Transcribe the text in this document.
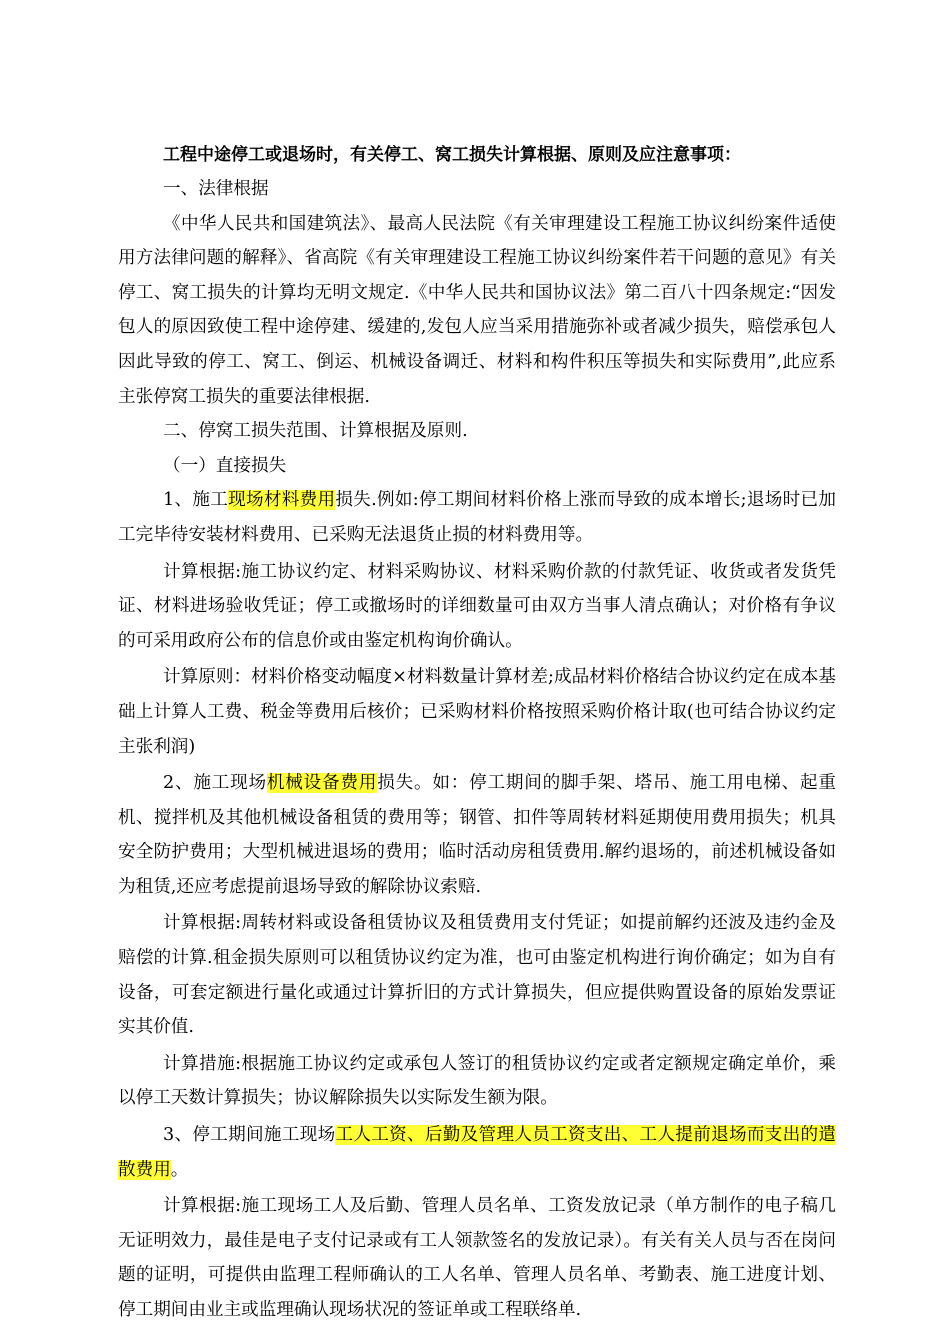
工程中途停工或退场时，有关停工、窝工损失计算根据、原则及应注意事项：

一、法律根据

《中华人民共和国建筑法》、最高人民法院《有关审理建设工程施工协议纠纷案件适使用方法律问题的解释》、省高院《有关审理建设工程施工协议纠纷案件若干问题的意见》有关停工、窝工损失的计算均无明文规定.《中华人民共和国协议法》第二百八十四条规定:“因发包人的原因致使工程中途停建、缓建的,发包人应当采用措施弥补或者减少损失，赔偿承包人因此导致的停工、窝工、倒运、机械设备调迁、材料和构件积压等损失和实际费用”,此应系主张停窝工损失的重要法律根据.

二、停窝工损失范围、计算根据及原则.

（一）直接损失

1、施工现场材料费用损失.例如:停工期间材料价格上涨而导致的成本增长;退场时已加工完毕待安装材料费用、已采购无法退货止损的材料费用等。

计算根据:施工协议约定、材料采购协议、材料采购价款的付款凭证、收货或者发货凭证、材料进场验收凭证；停工或撤场时的详细数量可由双方当事人清点确认；对价格有争议的可采用政府公布的信息价或由鉴定机构询价确认。

计算原则：材料价格变动幅度×材料数量计算材差;成品材料价格结合协议约定在成本基础上计算人工费、税金等费用后核价；已采购材料价格按照采购价格计取(也可结合协议约定主张利润)

2、施工现场机械设备费用损失。如：停工期间的脚手架、塔吊、施工用电梯、起重机、搅拌机及其他机械设备租赁的费用等；钢管、扣件等周转材料延期使用费用损失；机具安全防护费用；大型机械进退场的费用；临时活动房租赁费用.解约退场的，前述机械设备如为租赁,还应考虑提前退场导致的解除协议索赔.

计算根据:周转材料或设备租赁协议及租赁费用支付凭证；如提前解约还波及违约金及赔偿的计算.租金损失原则可以租赁协议约定为准，也可由鉴定机构进行询价确定；如为自有设备，可套定额进行量化或通过计算折旧的方式计算损失，但应提供购置设备的原始发票证实其价值.

计算措施:根据施工协议约定或承包人签订的租赁协议约定或者定额规定确定单价，乘以停工天数计算损失；协议解除损失以实际发生额为限。

3、停工期间施工现场工人工资、后勤及管理人员工资支出、工人提前退场而支出的遣散费用。

计算根据:施工现场工人及后勤、管理人员名单、工资发放记录（单方制作的电子稿几无证明效力，最佳是电子支付记录或有工人领款签名的发放记录）。有关有关人员与否在岗问题的证明，可提供由监理工程师确认的工人名单、管理人员名单、考勤表、施工进度计划、停工期间由业主或监理确认现场状况的签证单或工程联络单.
